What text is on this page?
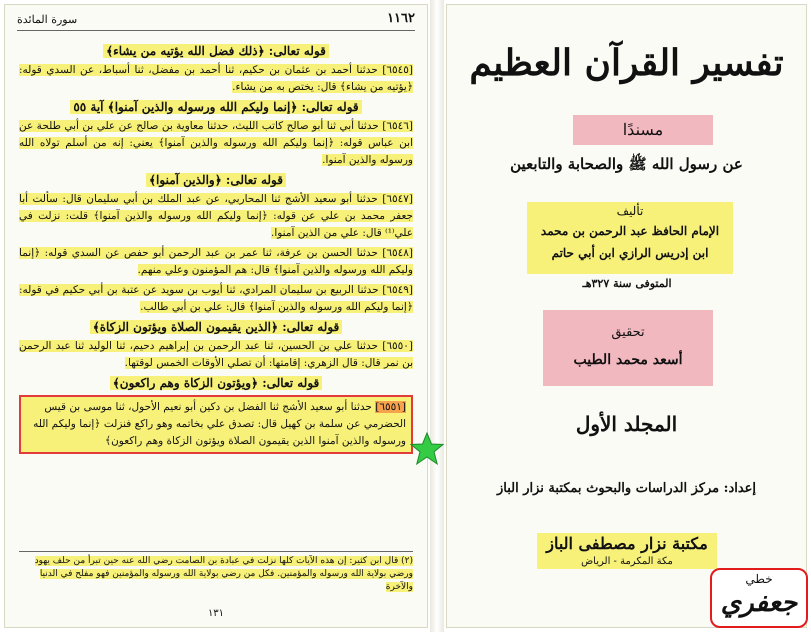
سورة المائدة	١١٦٢
قوله تعالى: ﴿ذلك فضل الله يؤتيه من يشاء﴾
[٦٥٤٥] حدثنا أحمد بن عثمان بن حكيم، ثنا أحمد بن مفضل، ثنا أسباط، عن السدي قوله: ﴿يؤتيه من يشاء﴾ قال: يختص به من يشاء.
قوله تعالى: ﴿إنما وليكم الله ورسوله والذين آمنوا﴾ آية ٥٥
[٦٥٤٦] حدثنا أبي ثنا أبو صالح كاتب الليث، حدثنا معاوية بن صالح عن علي بن أبي طلحة عن ابن عباس قوله: ﴿إنما وليكم الله ورسوله والذين آمنوا﴾ يعني: إنه من أسلم تولاه الله ورسوله والذين آمنوا.
قوله تعالى: ﴿والذين آمنوا﴾
[٦٥٤٧] حدثنا أبو سعيد الأشج ثنا المحاربي، عن عبد الملك بن أبي سليمان قال: سألت أبا جعفر محمد بن علي عن قوله: ﴿إنما وليكم الله ورسوله والذين آمنوا﴾ قلت: نزلت في علي⁽¹⁾ قال: علي من الذين آمنوا.
[٦٥٤٨] حدثنا الحسن بن عرفة، ثنا عمر بن عبد الرحمن أبو حفص عن السدي قوله: ﴿إنما وليكم الله ورسوله والذين آمنوا﴾ قال: هم المؤمنون وعلي منهم.
[٦٥٤٩] حدثنا الربيع بن سليمان المرادي، ثنا أيوب بن سويد عن عتبة بن أبي حكيم في قوله: ﴿إنما وليكم الله ورسوله والذين آمنوا﴾ قال: علي بن أبي طالب.
قوله تعالى: ﴿الذين يقيمون الصلاة ويؤتون الزكاة﴾
[٦٥٥٠] حدثنا علي بن الحسين، ثنا عبد الرحمن بن إبراهيم دحيم، ثنا الوليد ثنا عبد الرحمن بن نمر قال: قال الزهري: إقامتها: أن تصلي الأوقات الخمس لوقتها.
قوله تعالى: ﴿ويؤتون الزكاة وهم راكعون﴾
[٦٥٥١] حدثنا أبو سعيد الأشج ثنا الفضل بن دكين أبو نعيم الأحول، ثنا موسى بن قيس الحضرمي عن سلمة بن كهيل قال: تصدق علي بخاتمه وهو راكع فنزلت ﴿إنما وليكم الله ورسوله والذين آمنوا الذين يقيمون الصلاة ويؤتون الزكاة وهم راكعون﴾
(٢) قال ابن كثير: إن هذه الآيات كلها نزلت في عبادة بن الصامت رضي الله عنه حين تبرأ من حلف يهود ورضي بولاية الله ورسوله والمؤمنين. فكل من رضي بولاية الله ورسوله والمؤمنين فهو مفلح في الدنيا والآخرة
١٣١
تفسير القرآن العظيم
مسندًا
عن رسول الله ﷺ والصحابة والتابعين
تأليف
الإمام الحافظ عبد الرحمن بن محمد
ابن إدريس الرازي ابن أبي حاتم
المتوفى سنة ٣٢٧هـ
تحقيق
أسعد محمد الطيب
المجلد الأول
إعداد: مركز الدراسات والبحوث بمكتبة نزار الباز
مكتبة نزار مصطفى الباز
مكة المكرمة - الرياض
خطي
جعفري
